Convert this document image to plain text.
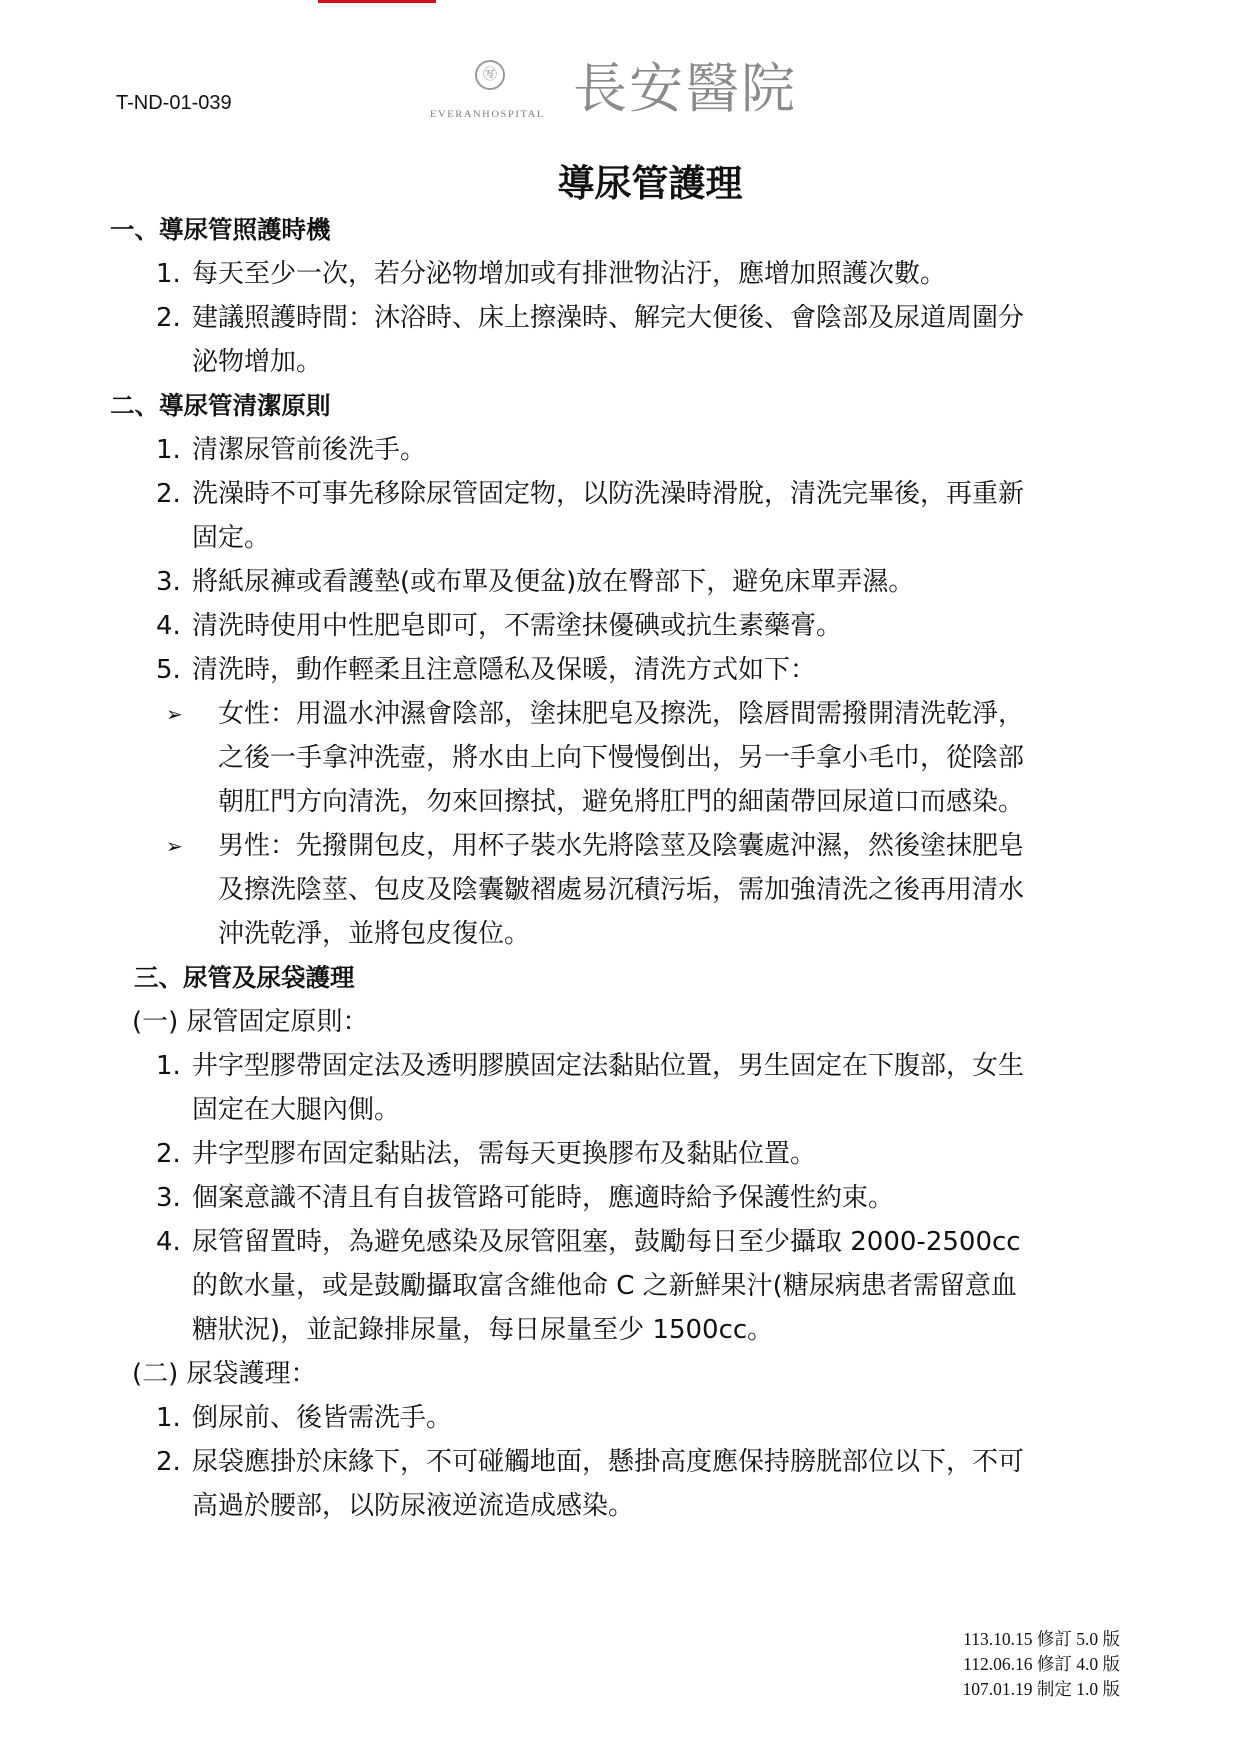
T-ND-01-039
㊢
EVERANHOSPITAL 長安醫院
導尿管護理
一、導尿管照護時機
1. 每天至少一次，若分泌物增加或有排泄物沾汙，應增加照護次數。
2. 建議照護時間：沐浴時、床上擦澡時、解完大便後、會陰部及尿道周圍分
泌物增加。
二、導尿管清潔原則
1. 清潔尿管前後洗手。
2. 洗澡時不可事先移除尿管固定物，以防洗澡時滑脫，清洗完畢後，再重新
固定。
3. 將紙尿褲或看護墊(或布單及便盆)放在臀部下，避免床單弄濕。
4. 清洗時使用中性肥皂即可，不需塗抹優碘或抗生素藥膏。
5. 清洗時，動作輕柔且注意隱私及保暖，清洗方式如下：
➢ 女性：用溫水沖濕會陰部，塗抹肥皂及擦洗，陰唇間需撥開清洗乾淨，
之後一手拿沖洗壺，將水由上向下慢慢倒出，另一手拿小毛巾，從陰部
朝肛門方向清洗，勿來回擦拭，避免將肛門的細菌帶回尿道口而感染。
➢ 男性：先撥開包皮，用杯子裝水先將陰莖及陰囊處沖濕，然後塗抹肥皂
及擦洗陰莖、包皮及陰囊皺褶處易沉積污垢，需加強清洗之後再用清水
沖洗乾淨，並將包皮復位。
三、尿管及尿袋護理
(一) 尿管固定原則：
1. 井字型膠帶固定法及透明膠膜固定法黏貼位置，男生固定在下腹部，女生
固定在大腿內側。
2. 井字型膠布固定黏貼法，需每天更換膠布及黏貼位置。
3. 個案意識不清且有自拔管路可能時，應適時給予保護性約束。
4. 尿管留置時，為避免感染及尿管阻塞，鼓勵每日至少攝取 2000-2500cc
的飲水量，或是鼓勵攝取富含維他命 C 之新鮮果汁(糖尿病患者需留意血
糖狀況)，並記錄排尿量，每日尿量至少 1500cc。
(二) 尿袋護理：
1. 倒尿前、後皆需洗手。
2. 尿袋應掛於床緣下，不可碰觸地面，懸掛高度應保持膀胱部位以下，不可
高過於腰部，以防尿液逆流造成感染。
113.10.15 修訂 5.0 版
112.06.16 修訂 4.0 版
107.01.19 制定 1.0 版
